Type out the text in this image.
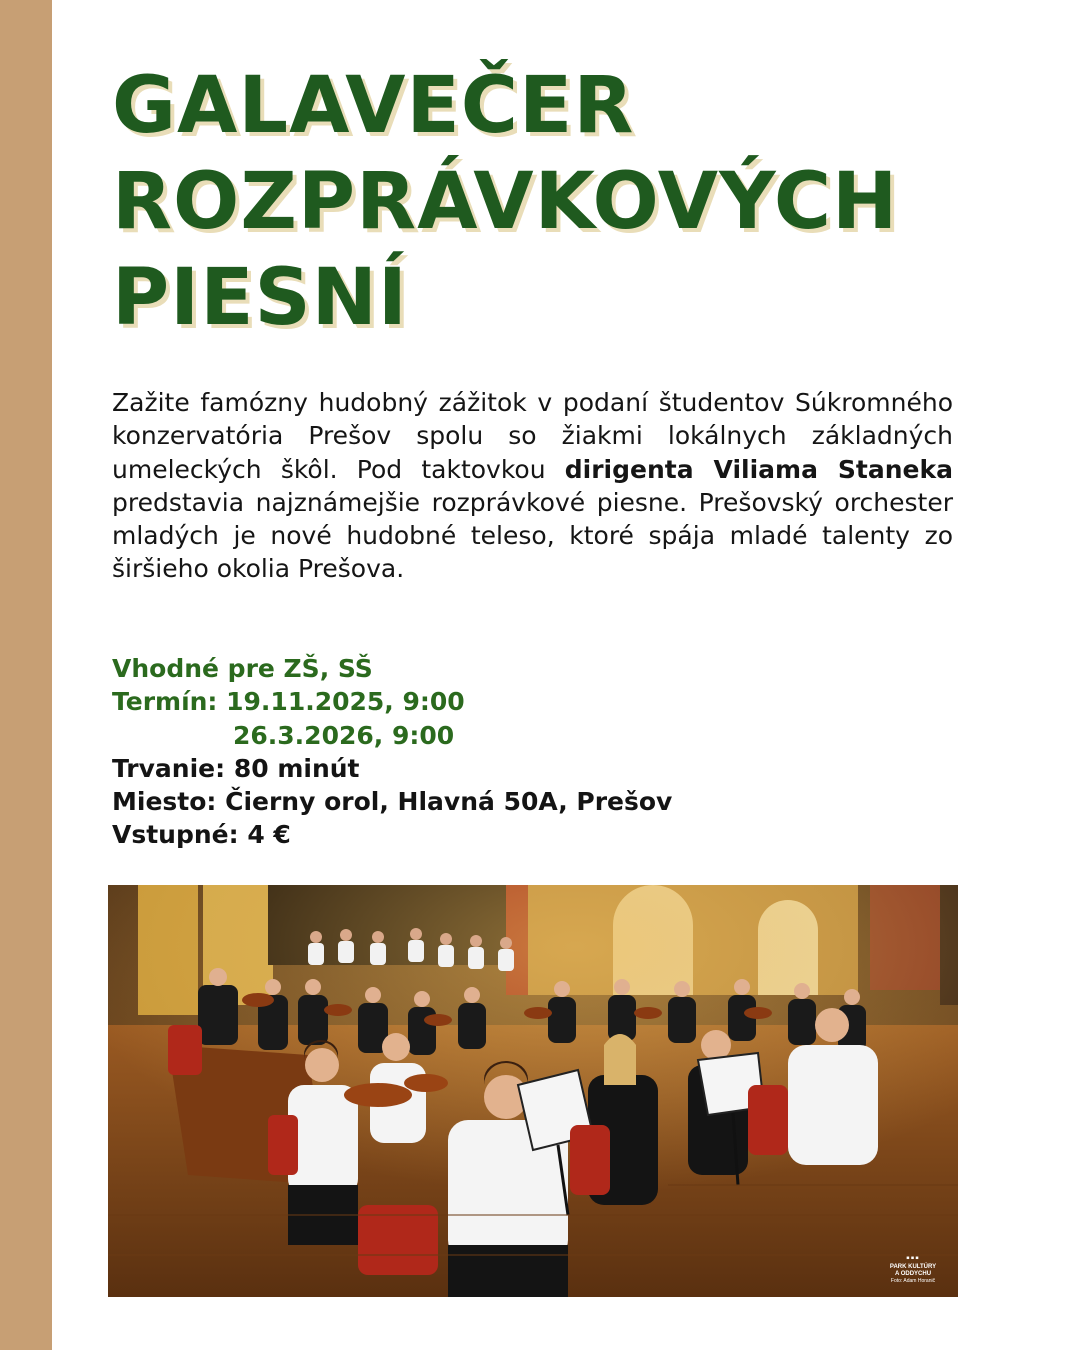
GALAVEČER
ROZPRÁVKOVÝCH
PIESNÍ

Zažite famózny hudobný zážitok v podaní študentov Súkromného konzervatória Prešov spolu so žiakmi lokálnych základných umeleckých škôl. Pod taktovkou dirigenta Viliama Staneka predstavia najznámejšie rozprávkové piesne. Prešovský orchester mladých je nové hudobné teleso, ktoré spája mladé talenty zo širšieho okolia Prešova.

Vhodné pre ZŠ, SŠ
Termín: 19.11.2025, 9:00
26.3.2026, 9:00
Trvanie: 80 minút
Miesto: Čierny orol, Hlavná 50A, Prešov
Vstupné: 4 €
▪▪▪
PARK KULTÚRY
A ODDYCHU
Foto: Adam Horanič
